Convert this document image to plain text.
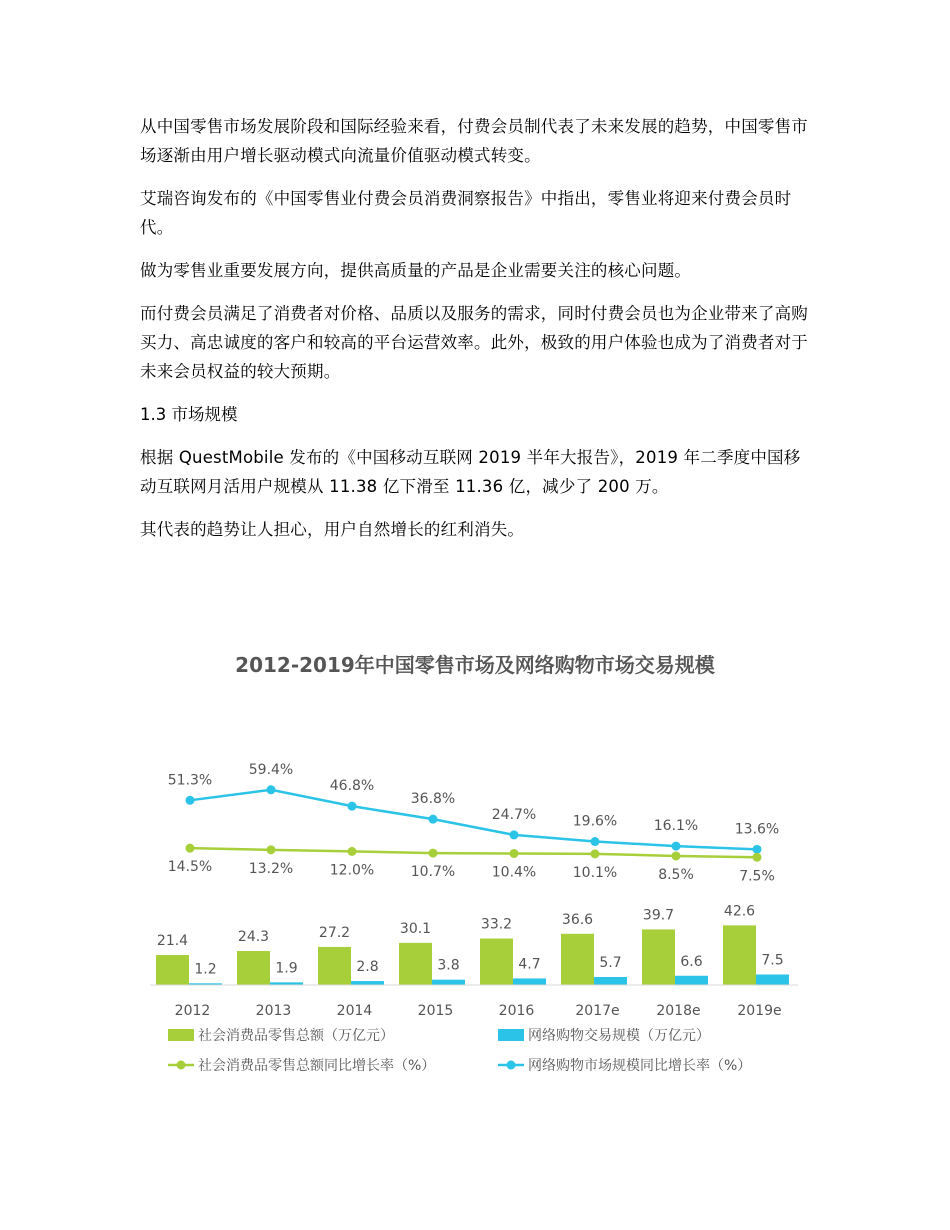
从中国零售市场发展阶段和国际经验来看，付费会员制代表了未来发展的趋势，中国零售市场逐渐由用户增长驱动模式向流量价值驱动模式转变。

艾瑞咨询发布的《中国零售业付费会员消费洞察报告》中指出，零售业将迎来付费会员时代。

做为零售业重要发展方向，提供高质量的产品是企业需要关注的核心问题。

而付费会员满足了消费者对价格、品质以及服务的需求，同时付费会员也为企业带来了高购买力、高忠诚度的客户和较高的平台运营效率。此外，极致的用户体验也成为了消费者对于未来会员权益的较大预期。

1.3 市场规模

根据 QuestMobile 发布的《中国移动互联网 2019 半年大报告》，2019 年二季度中国移动互联网月活用户规模从 11.38 亿下滑至 11.36 亿，减少了 200 万。

其代表的趋势让人担心，用户自然增长的红利消失。

2012-2019年中国零售市场及网络购物市场交易规模
21.4
1.2
24.3
1.9
27.2
2.8
30.1
3.8
33.2
4.7
36.6
5.7
39.7
6.6
42.6
7.5
51.3%
59.4%
46.8%
36.8%
24.7%	19.6%	16.1%	13.6%
14.5%	13.2%	12.0%	10.7%	10.4%	10.1%	8.5%	7.5%
2012	2013	2014	2015	2016	2017e	2018e	2019e
社会消费品零售总额（万亿元）	网络购物交易规模（万亿元）
社会消费品零售总额同比增长率（%）	网络购物市场规模同比增长率（%）
